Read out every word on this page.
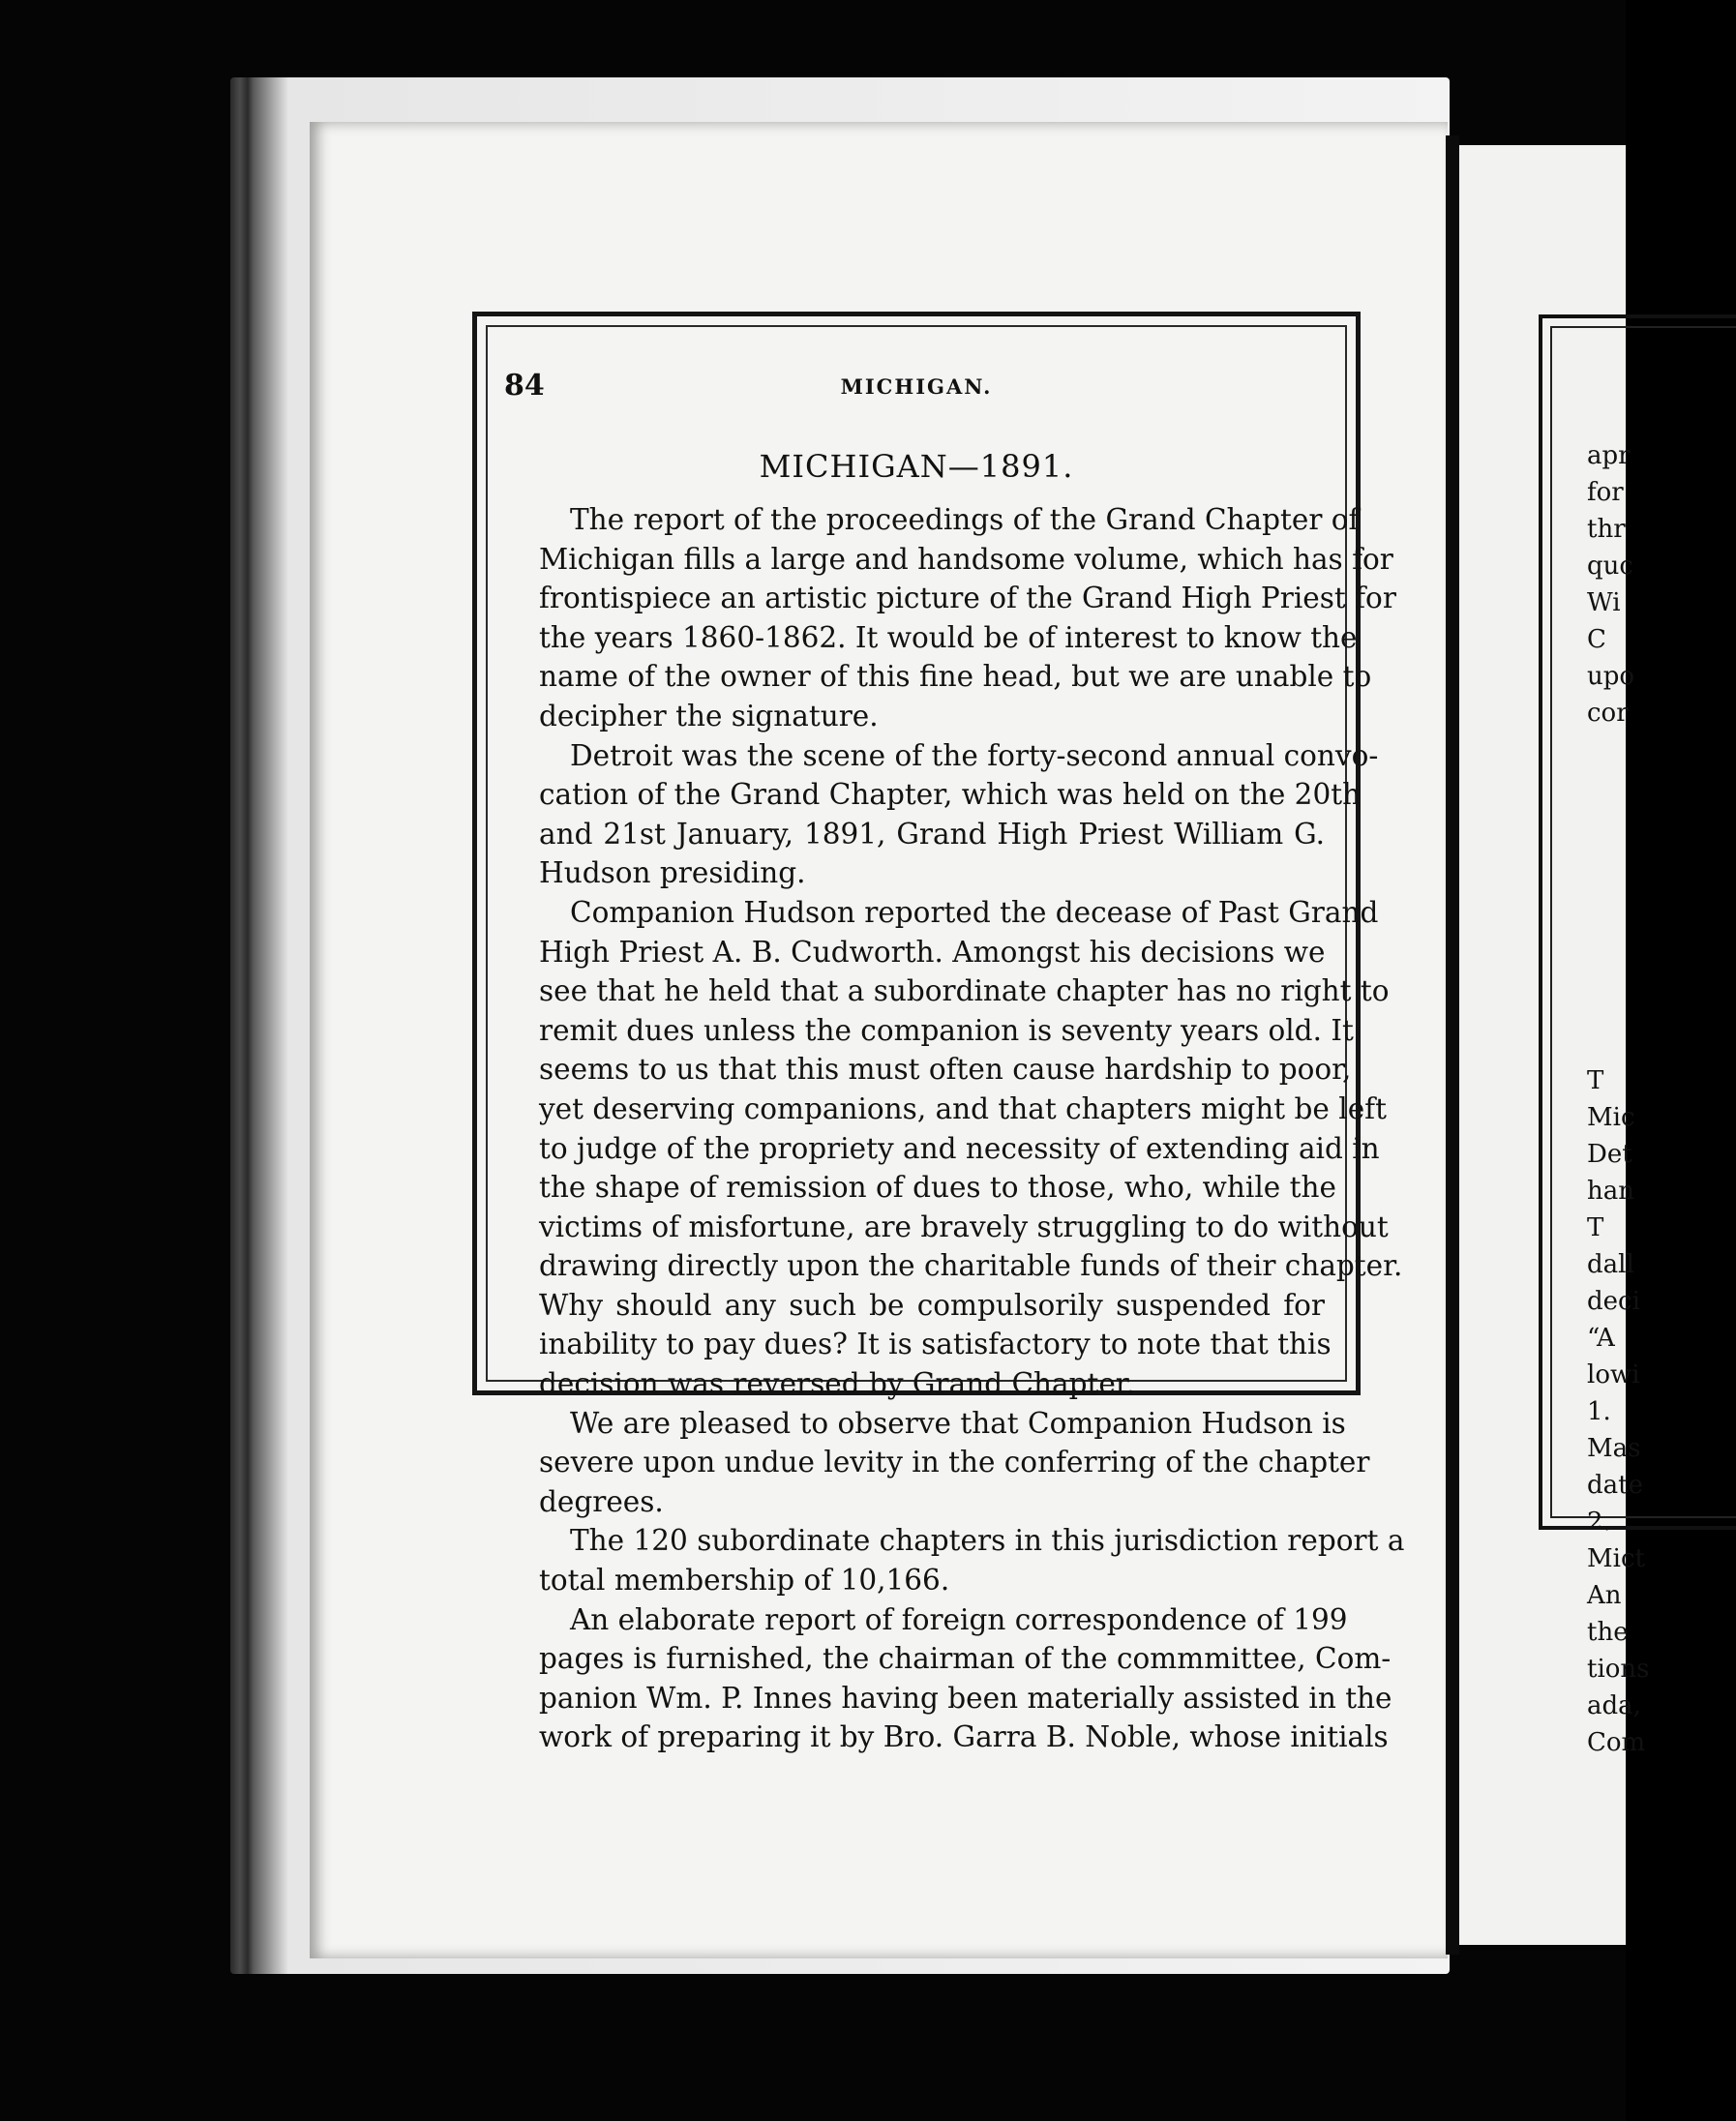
84	MICHIGAN.
MICHIGAN—1891.

The report of the proceedings of the Grand Chapter of
Michigan fills a large and handsome volume, which has for
frontispiece an artistic picture of the Grand High Priest for
the years 1860-1862. It would be of interest to know the
name of the owner of this fine head, but we are unable to
decipher the signature.

Detroit was the scene of the forty-second annual convo-
cation of the Grand Chapter, which was held on the 20th
and 21st January, 1891, Grand High Priest William G.
Hudson presiding.

Companion Hudson reported the decease of Past Grand
High Priest A. B. Cudworth. Amongst his decisions we
see that he held that a subordinate chapter has no right to
remit dues unless the companion is seventy years old. It
seems to us that this must often cause hardship to poor,
yet deserving companions, and that chapters might be left
to judge of the propriety and necessity of extending aid in
the shape of remission of dues to those, who, while the
victims of misfortune, are bravely struggling to do without
drawing directly upon the charitable funds of their chapter.
Why should any such be compulsorily suspended for
inability to pay dues? It is satisfactory to note that this
decision was reversed by Grand Chapter.

We are pleased to observe that Companion Hudson is
severe upon undue levity in the conferring of the chapter
degrees.

The 120 subordinate chapters in this jurisdiction report a
total membership of 10,166.

An elaborate report of foreign correspondence of 199
pages is furnished, the chairman of the commmittee, Com-
panion Wm. P. Innes having been materially assisted in the
work of preparing it by Bro. Garra B. Noble, whose initials

apr
for
thr
quc
Wi
C
upo
cor
T
Mic
Det
han
T
dall
deci
“A
lowi
1.
Mas
date
2.
Mict
An
the
tions
ada,
Com
